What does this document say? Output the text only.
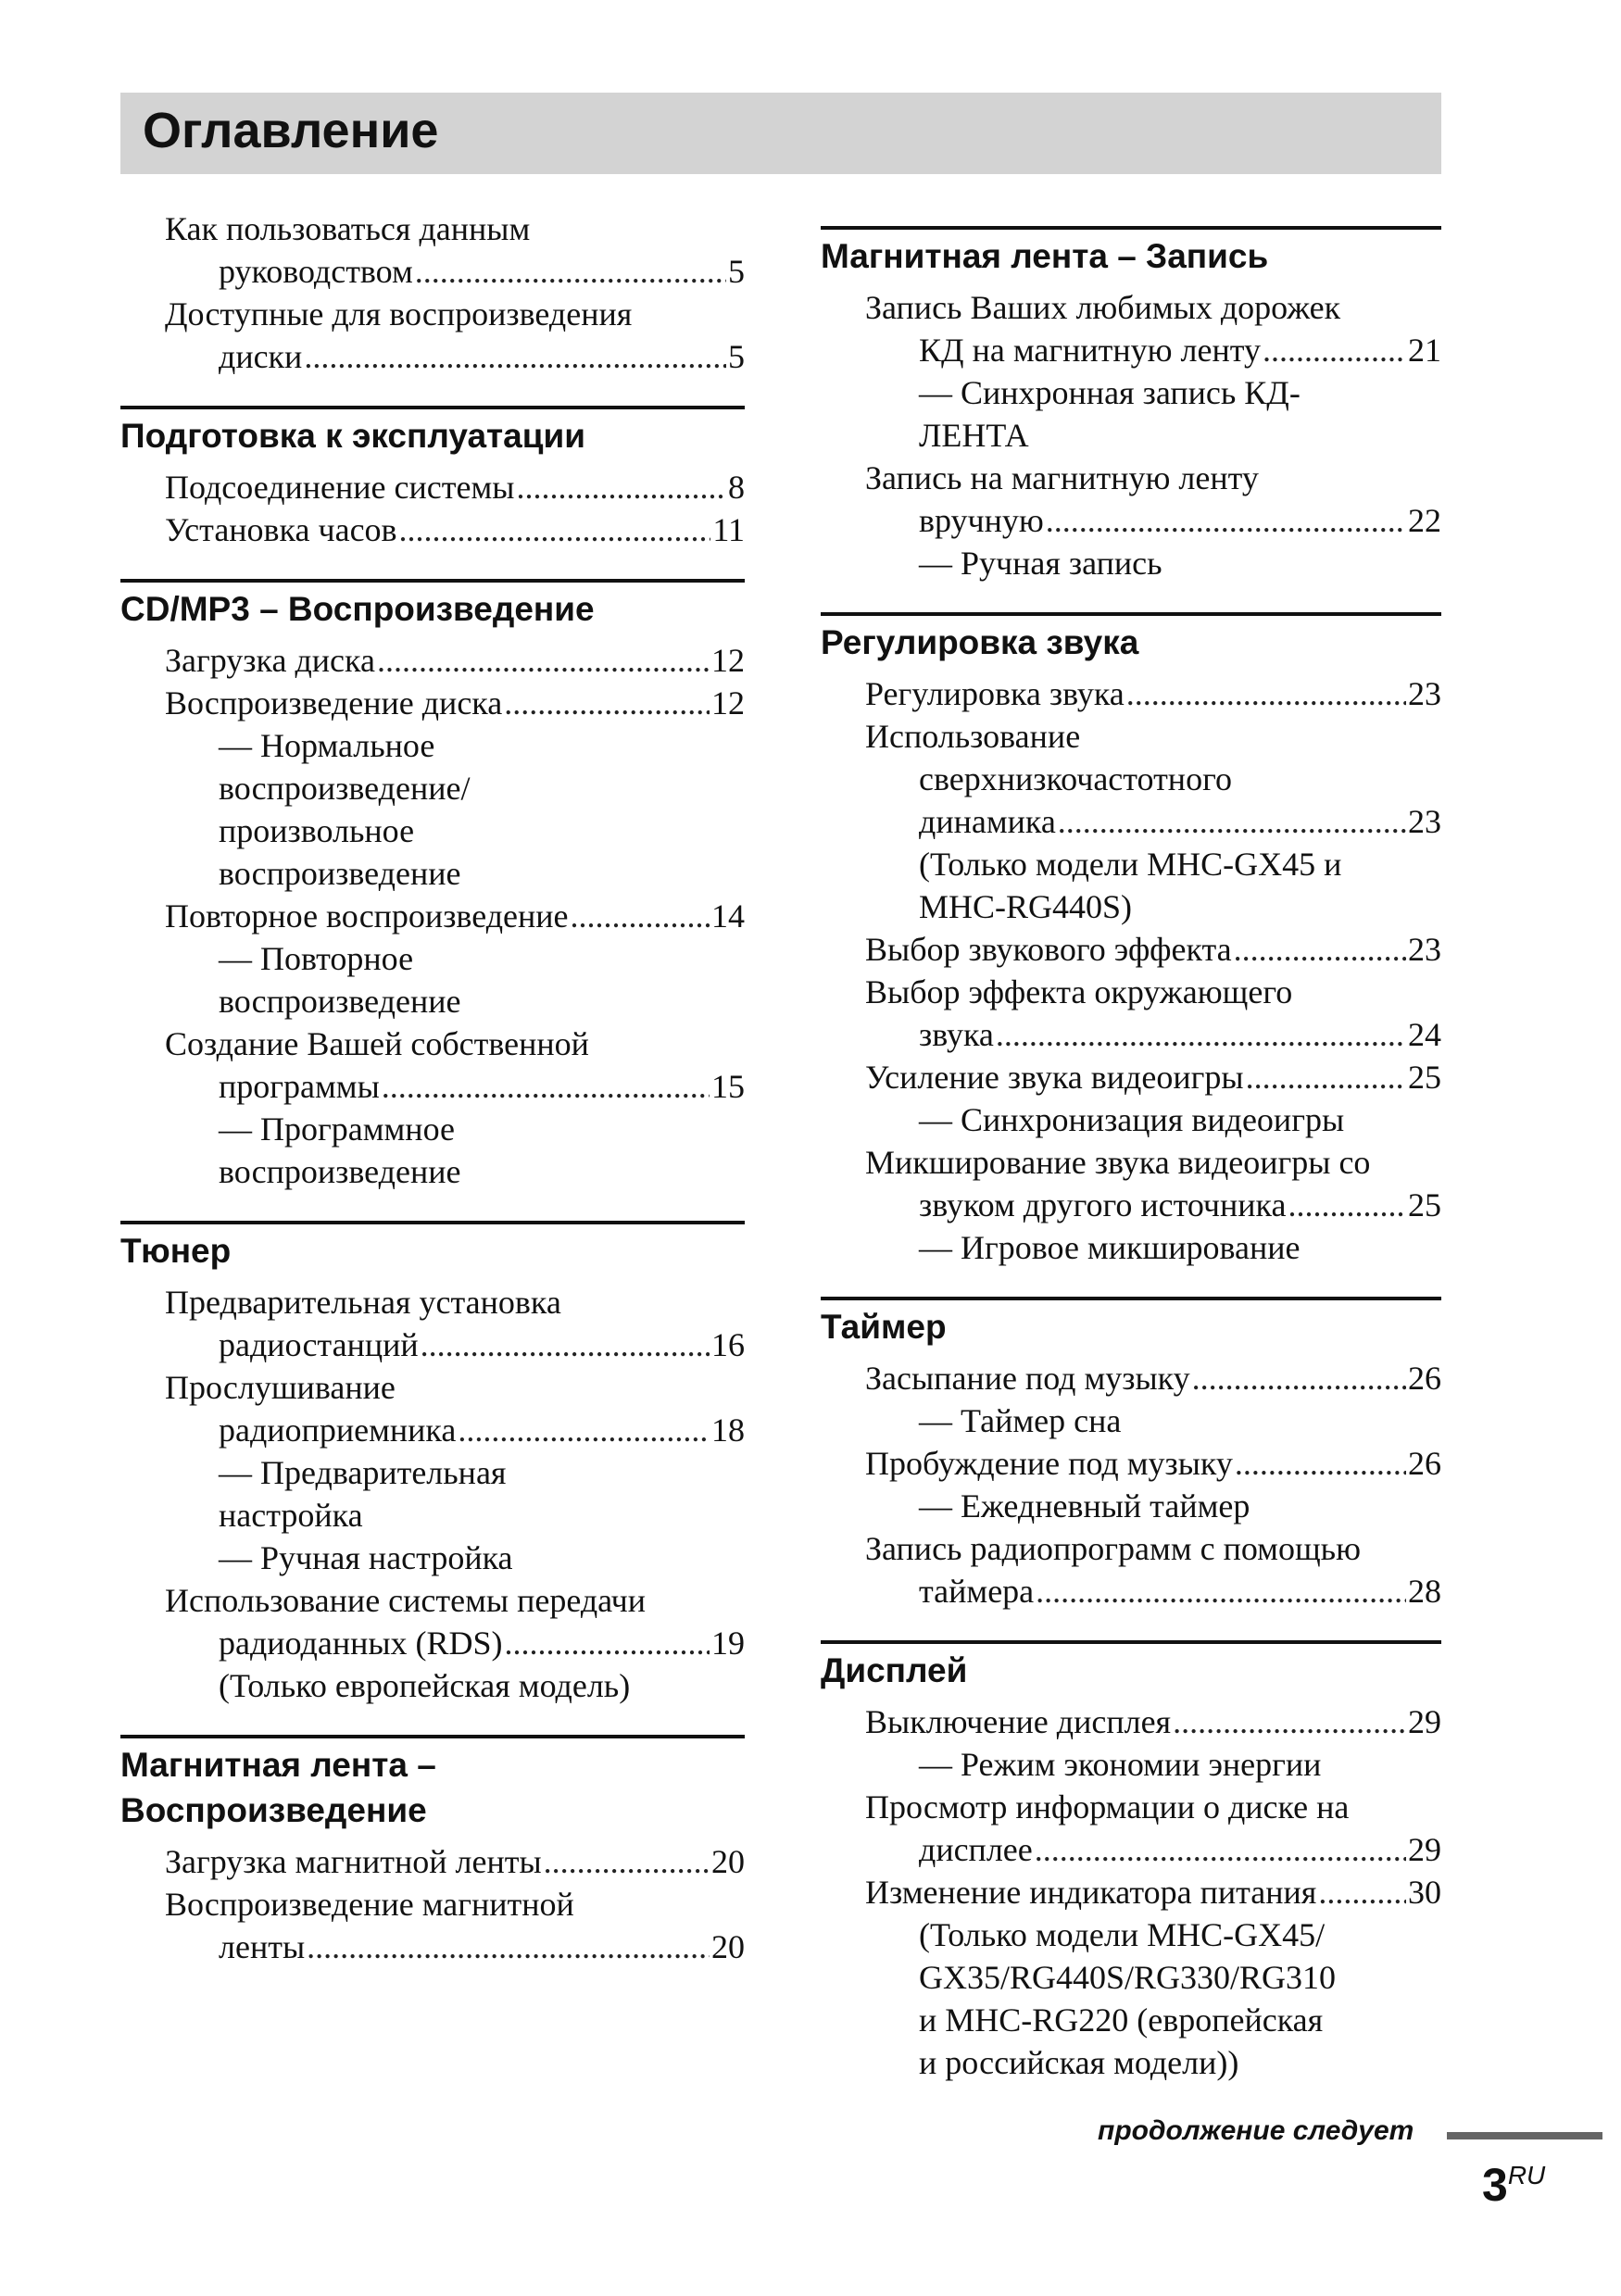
Оглавление
Как пользоваться данным
руководством .....	5
Доступные для воспроизведения
диски .....	5
Подготовка к эксплуатации
Подсоединение системы .....	8
Установка часов .....	11
CD/MP3 – Воспроизведение
Загрузка диска .....	12
Воспроизведение диска .....	12
— Нормальное
воспроизведение/
произвольное
воспроизведение
Повторное воспроизведение .....	14
— Повторное
воспроизведение
Создание Вашей собственной
программы .....	15
— Программное
воспроизведение
Тюнер
Предварительная установка
радиостанций .....	16
Прослушивание
радиоприемника .....	18
— Предварительная
настройка
— Ручная настройка
Использование системы передачи
радиоданных (RDS) .....	19
(Только европейская модель)
Магнитная лента –
Воспроизведение
Загрузка магнитной ленты .....	20
Воспроизведение магнитной
ленты .....	20
Магнитная лента – Запись
Запись Ваших любимых дорожек
КД на магнитную ленту .....	21
— Синхронная запись КД-
ЛЕНТА
Запись на магнитную ленту
вручную .....	22
— Ручная запись
Регулировка звука
Регулировка звука .....	23
Использование
сверхнизкочастотного
динамика .....	23
(Только модели MHC-GX45 и
MHC-RG440S)
Выбор звукового эффекта .....	23
Выбор эффекта окружающего
звука .....	24
Усиление звука видеоигры .....	25
— Синхронизация видеоигры
Микширование звука видеоигры со
звуком другого источника .....	25
— Игровое микширование
Таймер
Засыпание под музыку .....	26
— Таймер сна
Пробуждение под музыку .....	26
— Ежедневный таймер
Запись радиопрограмм с помощью
таймера .....	28
Дисплей
Выключение дисплея .....	29
— Режим экономии энергии
Просмотр информации о диске на
дисплее .....	29
Изменение индикатора питания .....	30
(Только модели MHC-GX45/
GX35/RG440S/RG330/RG310
и MHC-RG220 (европейская
и российская модели))
продолжение следует
$3^{RU}$
